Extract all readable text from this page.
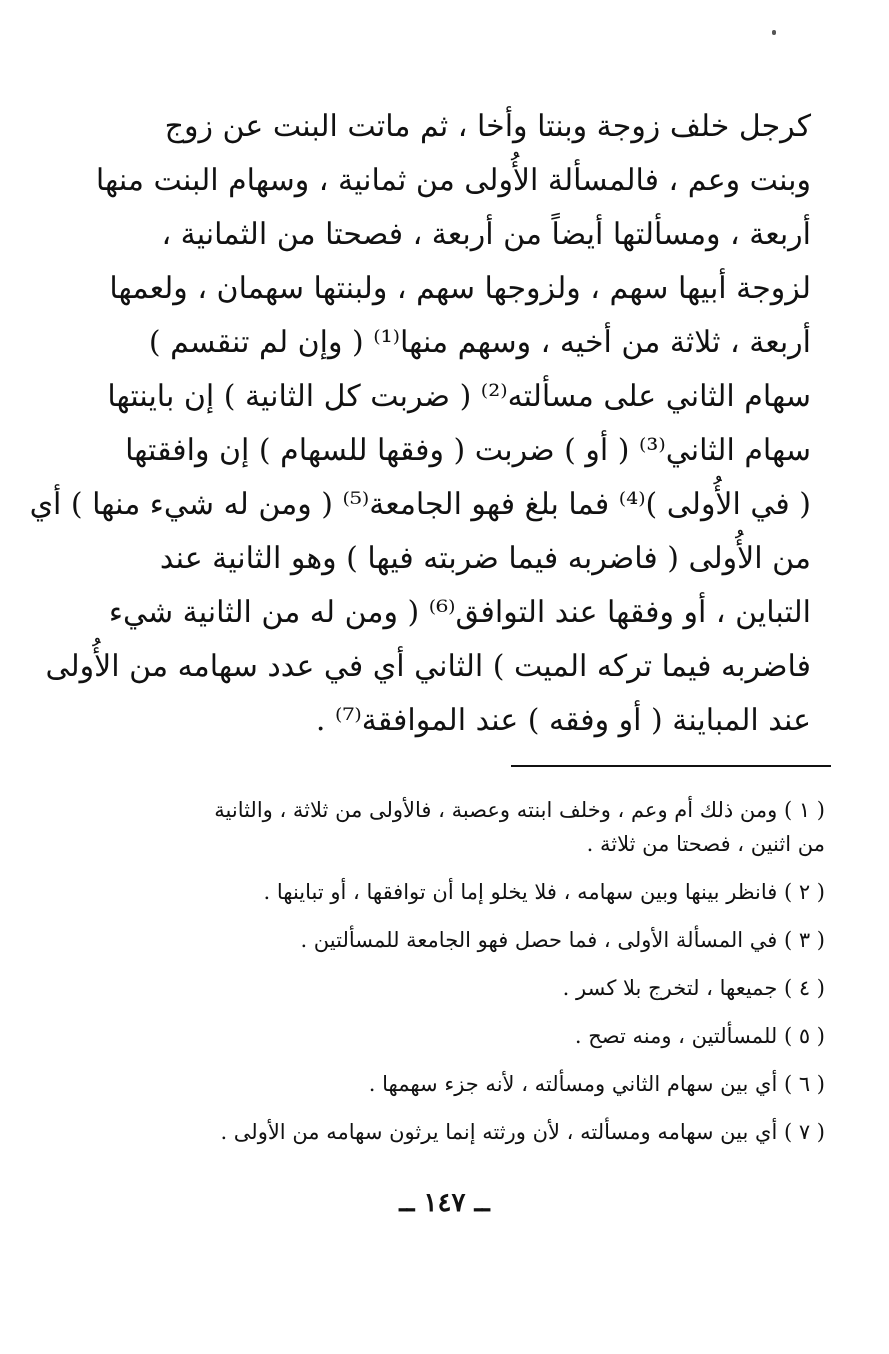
كرجل خلف زوجة وبنتا وأخا ، ثم ماتت البنت عن زوج
وبنت وعم ، فالمسألة الأُولى من ثمانية ، وسهام البنت منها
أربعة ، ومسألتها أيضاً من أربعة ، فصحتا من الثمانية ،
لزوجة أبيها سهم ، ولزوجها سهم ، ولبنتها سهمان ، ولعمها
أربعة ، ثلاثة من أخيه ، وسهم منها⁽¹⁾ ( وإن لم تنقسم )
سهام الثاني على مسألته⁽²⁾ ( ضربت كل الثانية ) إن باينتها
سهام الثاني⁽³⁾ ( أو ) ضربت ( وفقها للسهام ) إن وافقتها
( في الأُولى )⁽⁴⁾ فما بلغ فهو الجامعة⁽⁵⁾ ( ومن له شيء منها ) أي
من الأُولى ( فاضربه فيما ضربته فيها ) وهو الثانية عند
التباين ، أو وفقها عند التوافق⁽⁶⁾ ( ومن له من الثانية شيء
فاضربه فيما تركه الميت ) الثاني أي في عدد سهامه من الأُولى
عند المباينة ( أو وفقه ) عند الموافقة⁽⁷⁾ .
( ١ ) ومن ذلك أم وعم ، وخلف ابنته وعصبة ، فالأولى من ثلاثة ، والثانية
من اثنين ، فصحتا من ثلاثة .
( ٢ ) فانظر بينها وبين سهامه ، فلا يخلو إما أن توافقها ، أو تباينها .
( ٣ ) في المسألة الأولى ، فما حصل فهو الجامعة للمسألتين .
( ٤ ) جميعها ، لتخرج بلا كسر .
( ٥ ) للمسألتين ، ومنه تصح .
( ٦ ) أي بين سهام الثاني ومسألته ، لأنه جزء سهمها .
( ٧ ) أي بين سهامه ومسألته ، لأن ورثته إنما يرثون سهامه من الأولى .
ــ ١٤٧ ــ
